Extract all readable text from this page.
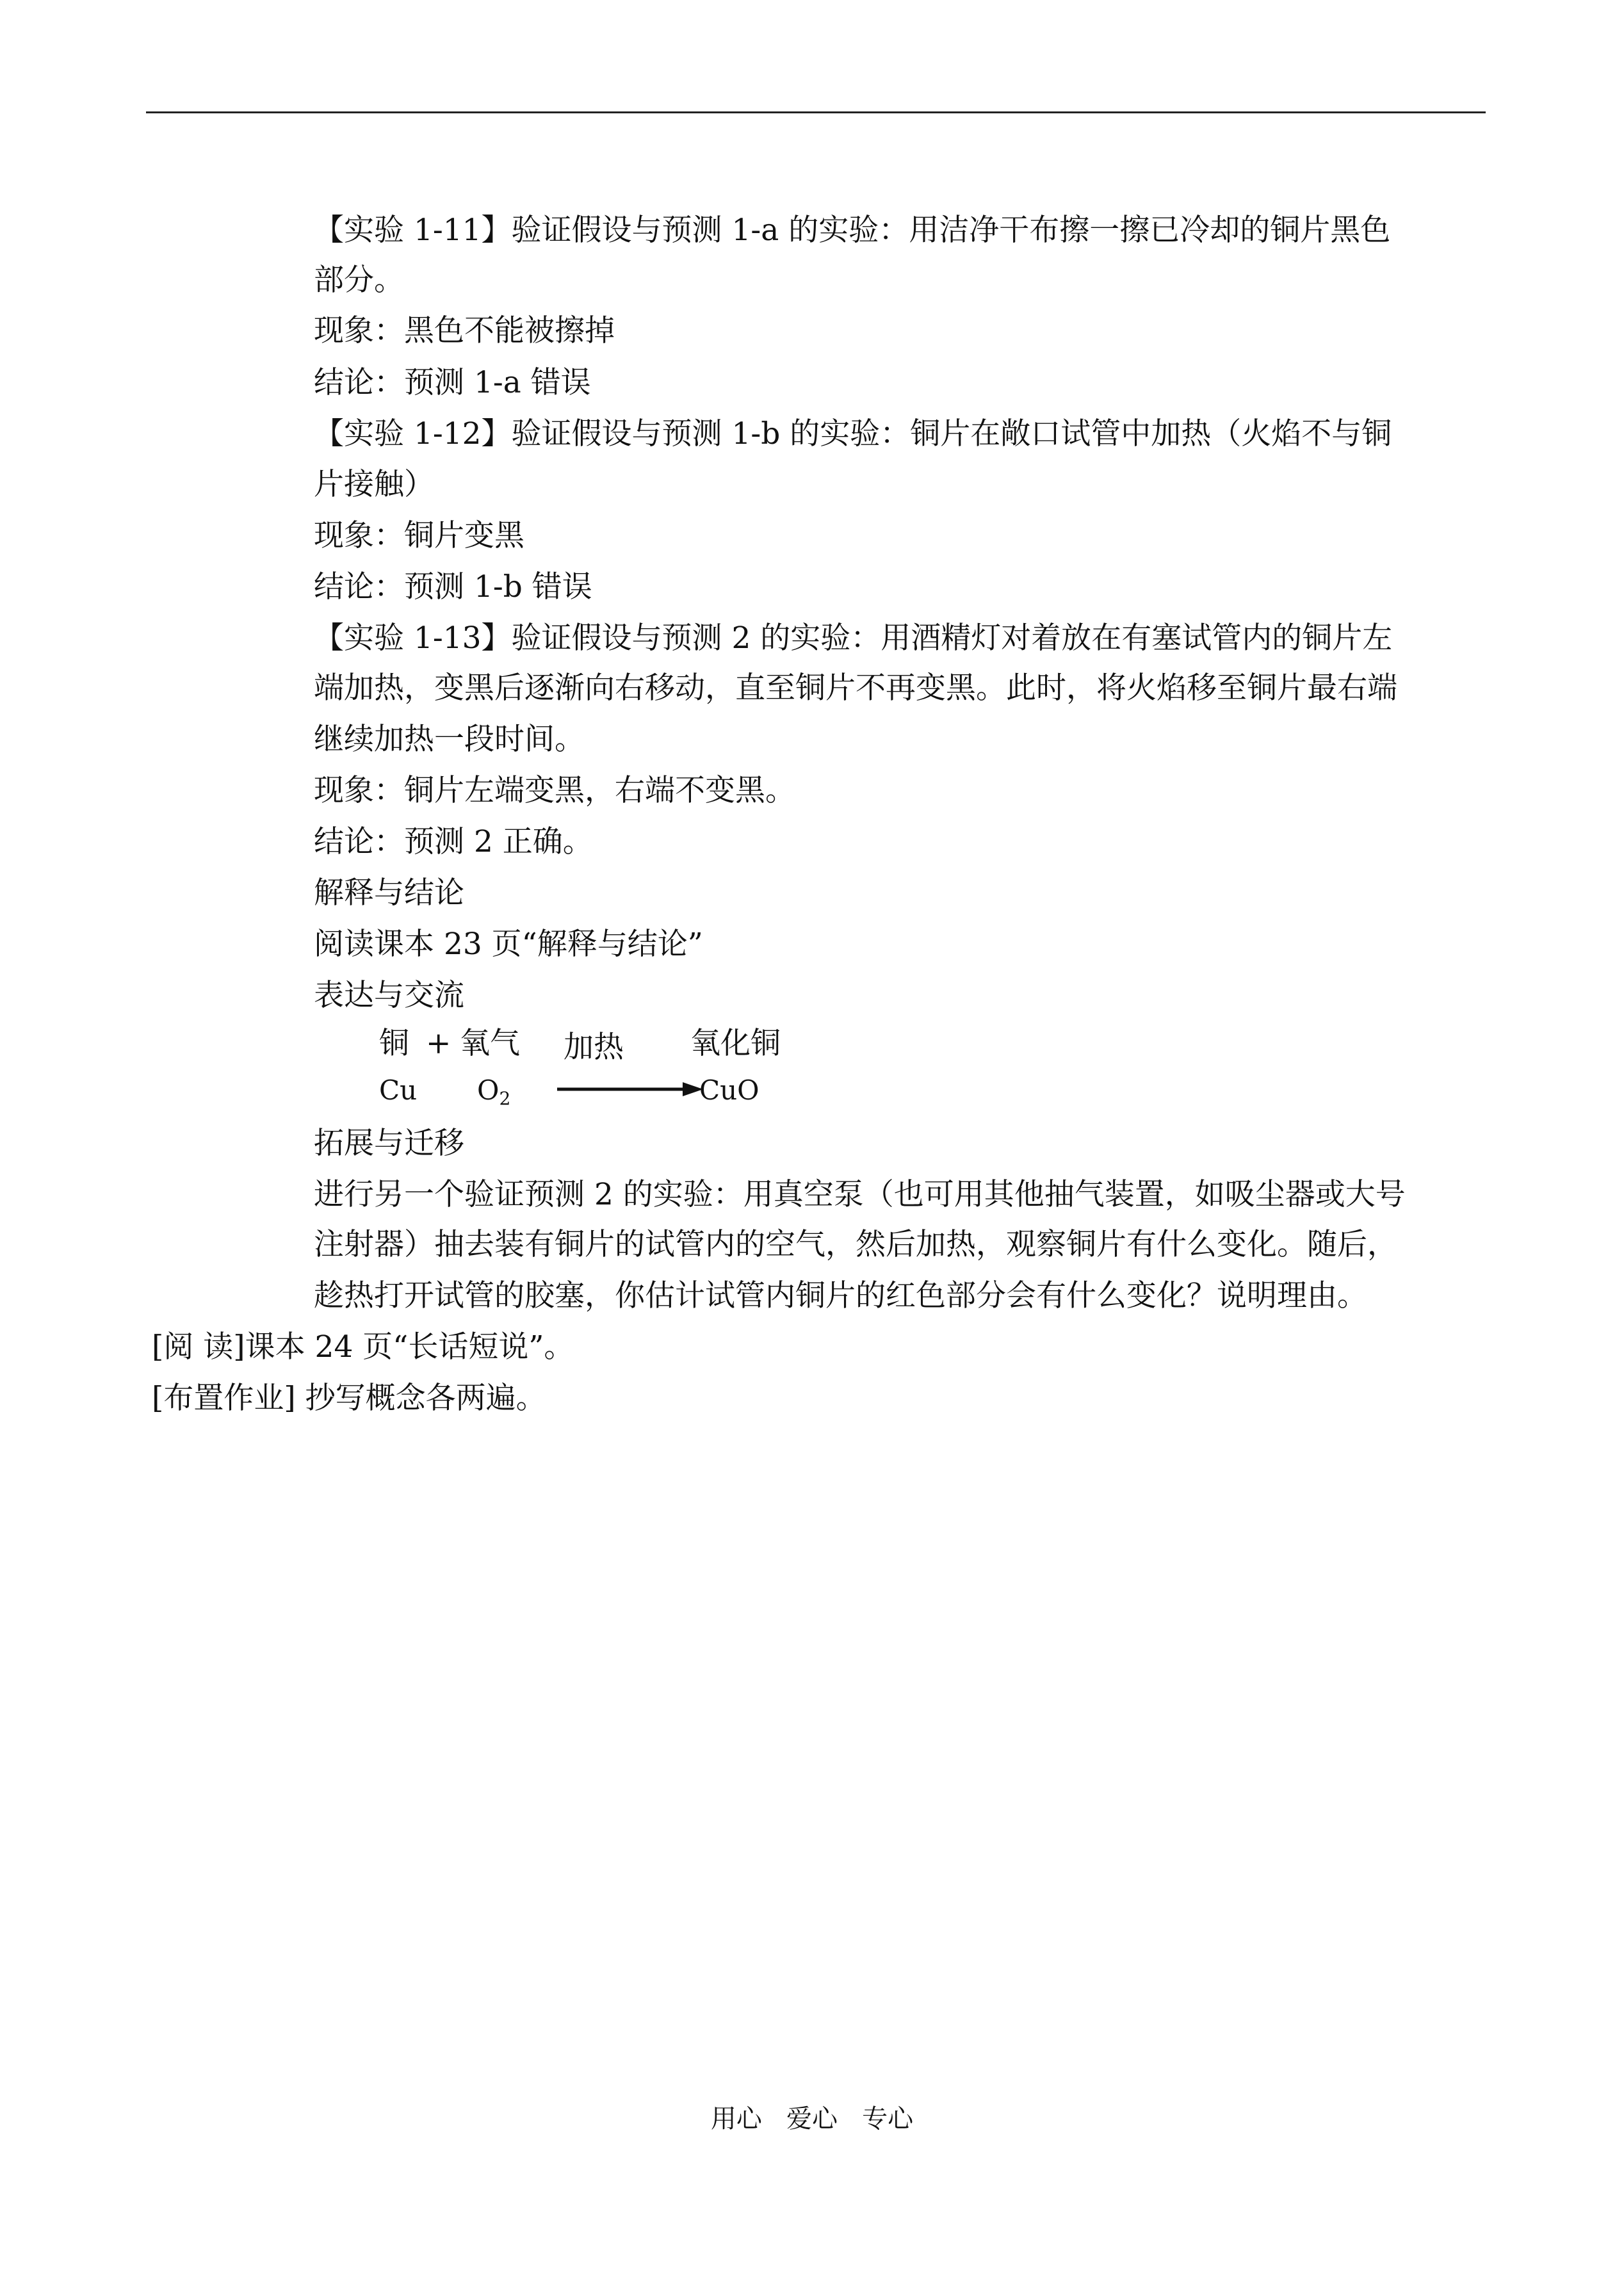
【实验 1-11】验证假设与预测 1-a 的实验：用洁净干布擦一擦已冷却的铜片黑色
部分。
现象：黑色不能被擦掉
结论：预测 1-a 错误
【实验 1-12】验证假设与预测 1-b 的实验：铜片在敞口试管中加热（火焰不与铜
片接触）
现象：铜片变黑
结论：预测 1-b 错误
【实验 1-13】验证假设与预测 2 的实验：用酒精灯对着放在有塞试管内的铜片左
端加热，变黑后逐渐向右移动，直至铜片不再变黑。此时，将火焰移至铜片最右端
继续加热一段时间。
现象：铜片左端变黑，右端不变黑。
结论：预测 2 正确。
解释与结论
阅读课本 23 页“解释与结论”
表达与交流
铜 + 氧气 加热 氧化铜
Cu $O_2$	CuO
拓展与迁移
进行另一个验证预测 2 的实验：用真空泵（也可用其他抽气装置，如吸尘器或大号
注射器）抽去装有铜片的试管内的空气，然后加热，观察铜片有什么变化。随后，
趁热打开试管的胶塞，你估计试管内铜片的红色部分会有什么变化？说明理由。
[阅 读]课本 24 页“长话短说”。
[布置作业] 抄写概念各两遍。
用心   爱心   专心
